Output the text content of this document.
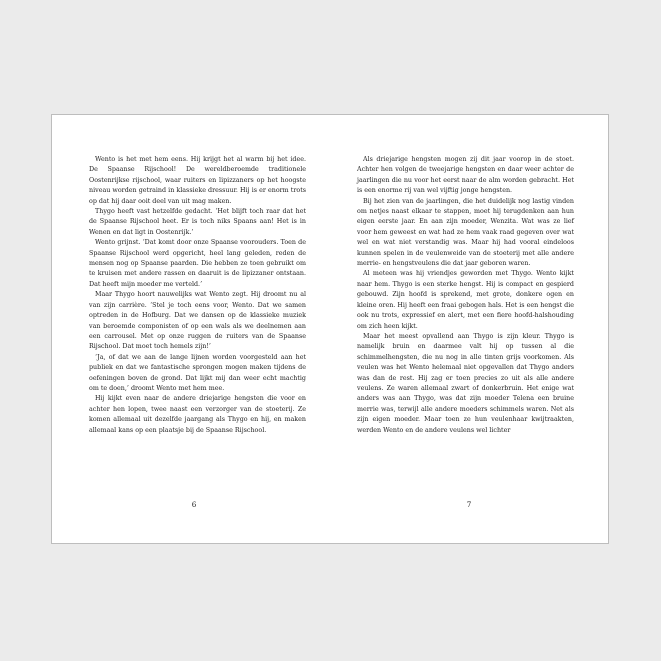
Wento is het met hem eens. Hij krijgt het al warm bij het idee. De Spaanse Rijschool! De wereldberoemde traditionele Oostenrijkse rijschool, waar ruiters en lipizzaners op het hoogste niveau worden getraind in klassieke dressuur. Hij is er enorm trots op dat hij daar ooit deel van uit mag maken.

Thygo heeft vast hetzelfde gedacht. ‘Het blijft toch raar dat het de Spaanse Rijschool heet. Er is toch niks Spaans aan! Het is in Wenen en dat ligt in Oostenrijk.’

Wento grijnst. ‘Dat komt door onze Spaanse voorouders. Toen de Spaanse Rijschool werd opgericht, heel lang geleden, reden de mensen nog op Spaanse paarden. Die hebben ze toen gebruikt om te kruisen met andere rassen en daaruit is de lipizzaner ontstaan. Dat heeft mijn moeder me verteld.’

Maar Thygo hoort nauwelijks wat Wento zegt. Hij droomt nu al van zijn carrière. ‘Stel je toch eens voor, Wento. Dat we samen optreden in de Hofburg. Dat we dansen op de klassieke muziek van beroemde componisten of op een wals als we deelnemen aan een carrousel. Met op onze ruggen de ruiters van de Spaanse Rijschool. Dat moet toch hemels zijn!’

‘Ja, of dat we aan de lange lijnen worden voorgesteld aan het publiek en dat we fantastische sprongen mogen maken tijdens de oefeningen boven de grond. Dat lijkt mij dan weer echt machtig om te doen,’ droomt Wento met hem mee.

Hij kijkt even naar de andere driejarige hengsten die voor en achter hen lopen, twee naast een verzorger van de stoeterij. Ze komen allemaal uit dezelfde jaargang als Thygo en hij, en maken allemaal kans op een plaatsje bij de Spaanse Rijschool.

6

Als driejarige hengsten mogen zij dit jaar voorop in de stoet. Achter hen volgen de tweejarige hengsten en daar weer achter de jaarlingen die nu voor het eerst naar de alm worden gebracht. Het is een enorme rij van wel vijftig jonge hengsten.

Bij het zien van de jaarlingen, die het duidelijk nog lastig vinden om netjes naast elkaar te stappen, moet hij terugdenken aan hun eigen eerste jaar. En aan zijn moeder, Wenzita. Wat was ze lief voor hem geweest en wat had ze hem vaak raad gegeven over wat wel en wat niet verstandig was. Maar hij had vooral eindeloos kunnen spelen in de veulenweide van de stoeterij met alle andere merrie- en hengstveulens die dat jaar geboren waren.

Al meteen was hij vriendjes geworden met Thygo. Wento kijkt naar hem. Thygo is een sterke hengst. Hij is compact en gespierd gebouwd. Zijn hoofd is sprekend, met grote, donkere ogen en kleine oren. Hij heeft een fraai gebogen hals. Het is een hengst die ook nu trots, expressief en alert, met een fiere hoofd-halshouding om zich heen kijkt.

Maar het meest opvallend aan Thygo is zijn kleur. Thygo is namelijk bruin en daarmee valt hij op tussen al die schimmelhengsten, die nu nog in alle tinten grijs voorkomen. Als veulen was het Wento helemaal niet opgevallen dat Thygo anders was dan de rest. Hij zag er toen precies zo uit als alle andere veulens. Ze waren allemaal zwart of donkerbruin. Het enige wat anders was aan Thygo, was dat zijn moeder Telena een bruine merrie was, terwijl alle andere moeders schimmels waren. Net als zijn eigen moeder. Maar toen ze hun veulenhaar kwijtraakten, werden Wento en de andere veulens wel lichter

7
